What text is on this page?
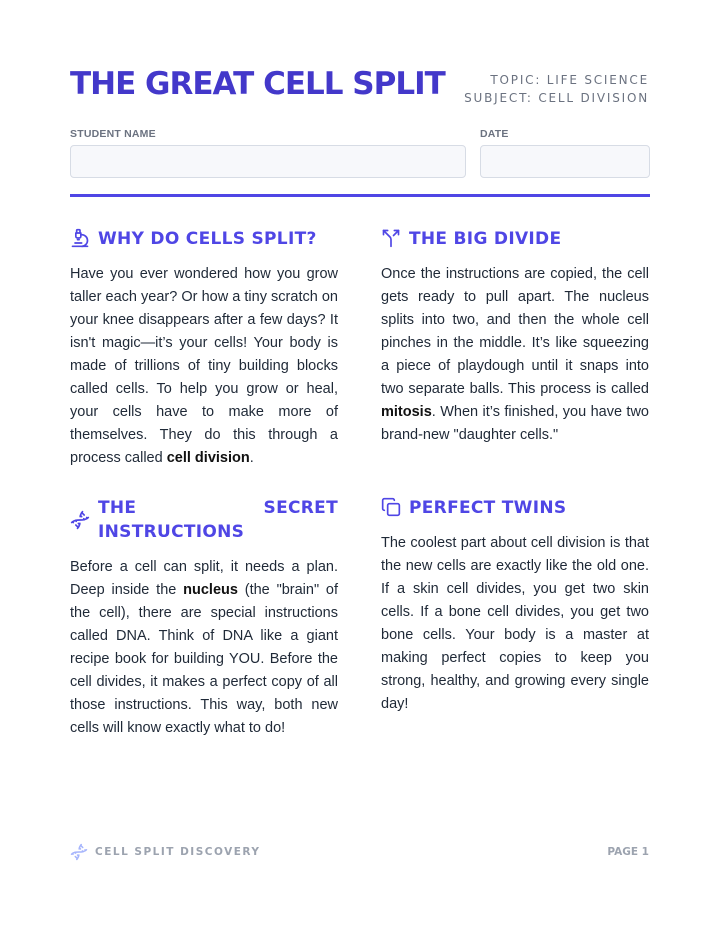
THE GREAT CELL SPLIT	TOPIC: LIFE SCIENCE
SUBJECT: CELL DIVISION
STUDENT NAME	DATE
WHY DO CELLS SPLIT?

Have you ever wondered how you grow taller each year? Or how a tiny scratch on your knee disappears after a few days? It isn't magic—it’s your cells! Your body is made of trillions of tiny building blocks called cells. To help you grow or heal, your cells have to make more of themselves. They do this through a process called cell division.

THE BIG DIVIDE

Once the instructions are copied, the cell gets ready to pull apart. The nucleus splits into two, and then the whole cell pinches in the middle. It’s like squeezing a piece of playdough until it snaps into two separate balls. This process is called mitosis. When it’s finished, you have two brand-new "daughter cells."

THE SECRET INSTRUCTIONS

Before a cell can split, it needs a plan. Deep inside the nucleus (the "brain" of the cell), there are special instructions called DNA. Think of DNA like a giant recipe book for building YOU. Before the cell divides, it makes a perfect copy of all those instructions. This way, both new cells will know exactly what to do!

PERFECT TWINS

The coolest part about cell division is that the new cells are exactly like the old one. If a skin cell divides, you get two skin cells. If a bone cell divides, you get two bone cells. Your body is a master at making perfect copies to keep you strong, healthy, and growing every single day!

CELL SPLIT DISCOVERY	PAGE 1
